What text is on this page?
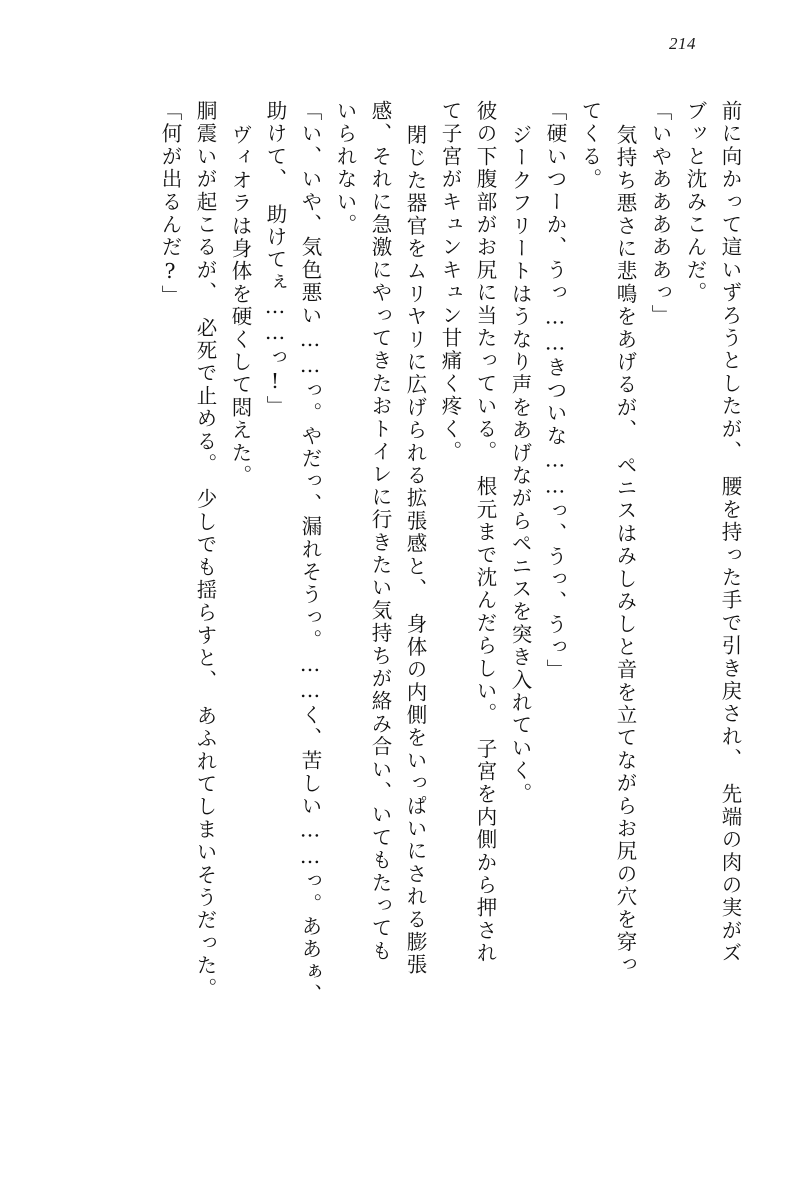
214
前に向かって這いずろうとしたが、　腰を持った手で引き戻され、　先端の肉の実がズ
ブッと沈みこんだ。
「いやあああああっ」
気持ち悪さに悲鳴をあげるが、　ペニスはみしみしと音を立てながらお尻の穴を穿っ
てくる。
「硬いつーか、うっ……きついな……っ、うっ、うっ」
ジークフリートはうなり声をあげながらペニスを突き入れていく。
彼の下腹部がお尻に当たっている。　根元まで沈んだらしい。　子宮を内側から押され
て子宮がキュンキュン甘痛く疼く。
閉じた器官をムリヤリに広げられる拡張感と、　身体の内側をいっぱいにされる膨張
感、それに急激にやってきたおトイレに行きたい気持ちが絡み合い、いてもたっても
いられない。
「い、いや、気色悪い……っ。やだっ、漏れそうっ。……く、苦しい……っ。ああぁ、
助けて、　助けてぇ……っ!」
ヴィオラは身体を硬くして悶えた。
胴震いが起こるが、　必死で止める。　少しでも揺らすと、　あふれてしまいそうだった。
「何が出るんだ?」
